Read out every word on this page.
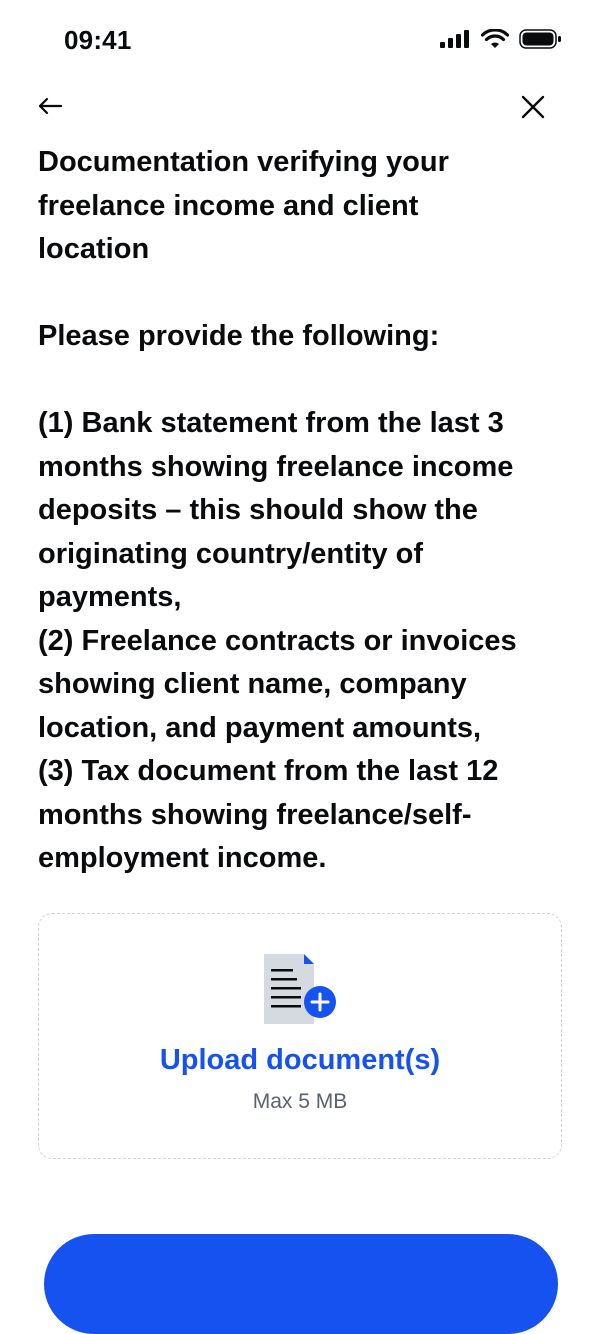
09:41

Documentation verifying your
freelance income and client
location

Please provide the following:

(1) Bank statement from the last 3
months showing freelance income
deposits – this should show the
originating country/entity of
payments,
(2) Freelance contracts or invoices
showing client name, company
location, and payment amounts,
(3) Tax document from the last 12
months showing freelance/self-
employment income.

Upload document(s)
Max 5 MB
